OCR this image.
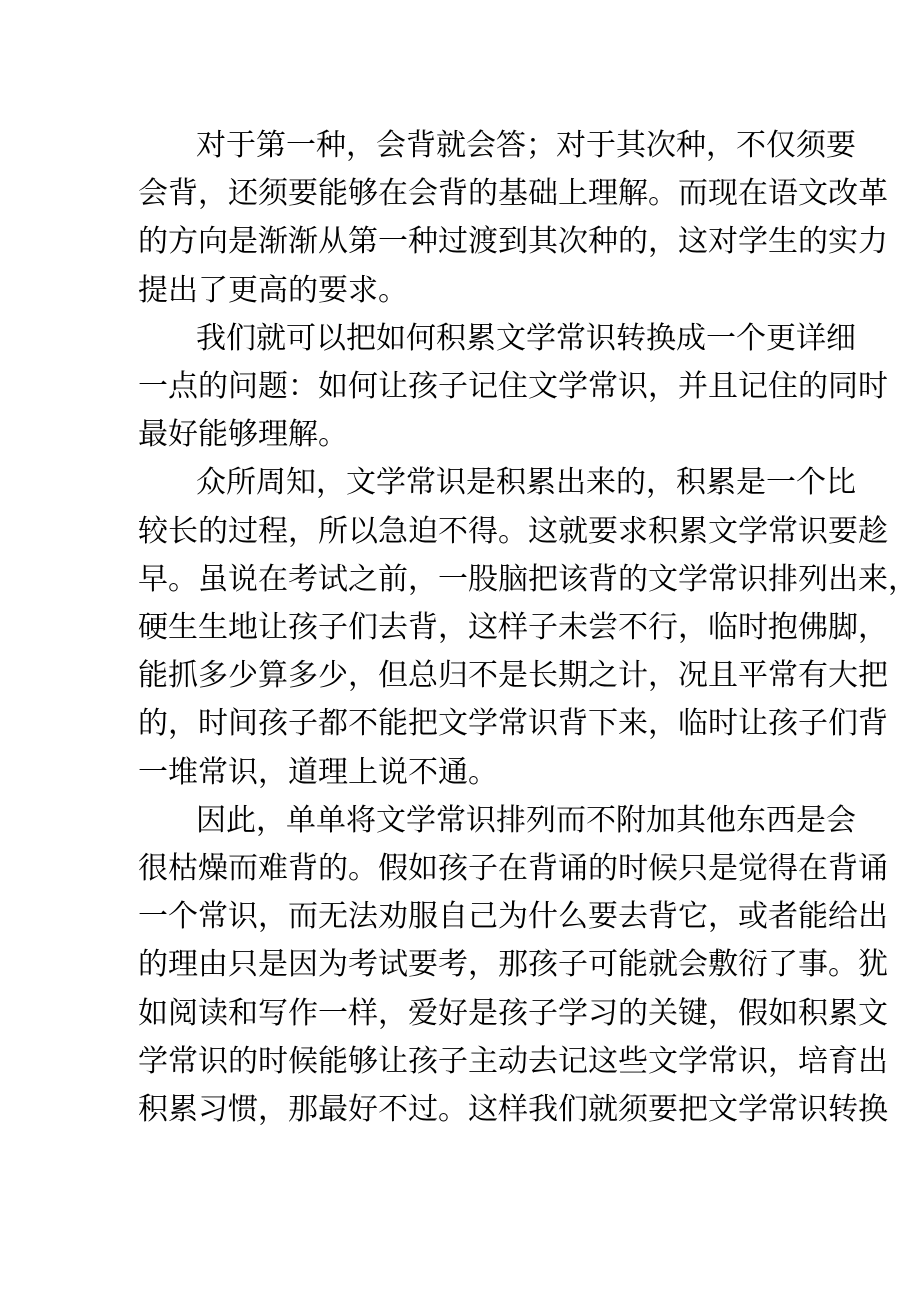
对于第一种，会背就会答；对于其次种，不仅须要
会背，还须要能够在会背的基础上理解。而现在语文改革
的方向是渐渐从第一种过渡到其次种的，这对学生的实力
提出了更高的要求。

我们就可以把如何积累文学常识转换成一个更详细
一点的问题：如何让孩子记住文学常识，并且记住的同时
最好能够理解。

众所周知，文学常识是积累出来的，积累是一个比
较长的过程，所以急迫不得。这就要求积累文学常识要趁
早。虽说在考试之前，一股脑把该背的文学常识排列出来，
硬生生地让孩子们去背，这样子未尝不行，临时抱佛脚，
能抓多少算多少，但总归不是长期之计，况且平常有大把
的，时间孩子都不能把文学常识背下来，临时让孩子们背
一堆常识，道理上说不通。

因此，单单将文学常识排列而不附加其他东西是会
很枯燥而难背的。假如孩子在背诵的时候只是觉得在背诵
一个常识，而无法劝服自己为什么要去背它，或者能给出
的理由只是因为考试要考，那孩子可能就会敷衍了事。犹
如阅读和写作一样，爱好是孩子学习的关键，假如积累文
学常识的时候能够让孩子主动去记这些文学常识，培育出
积累习惯，那最好不过。这样我们就须要把文学常识转换
